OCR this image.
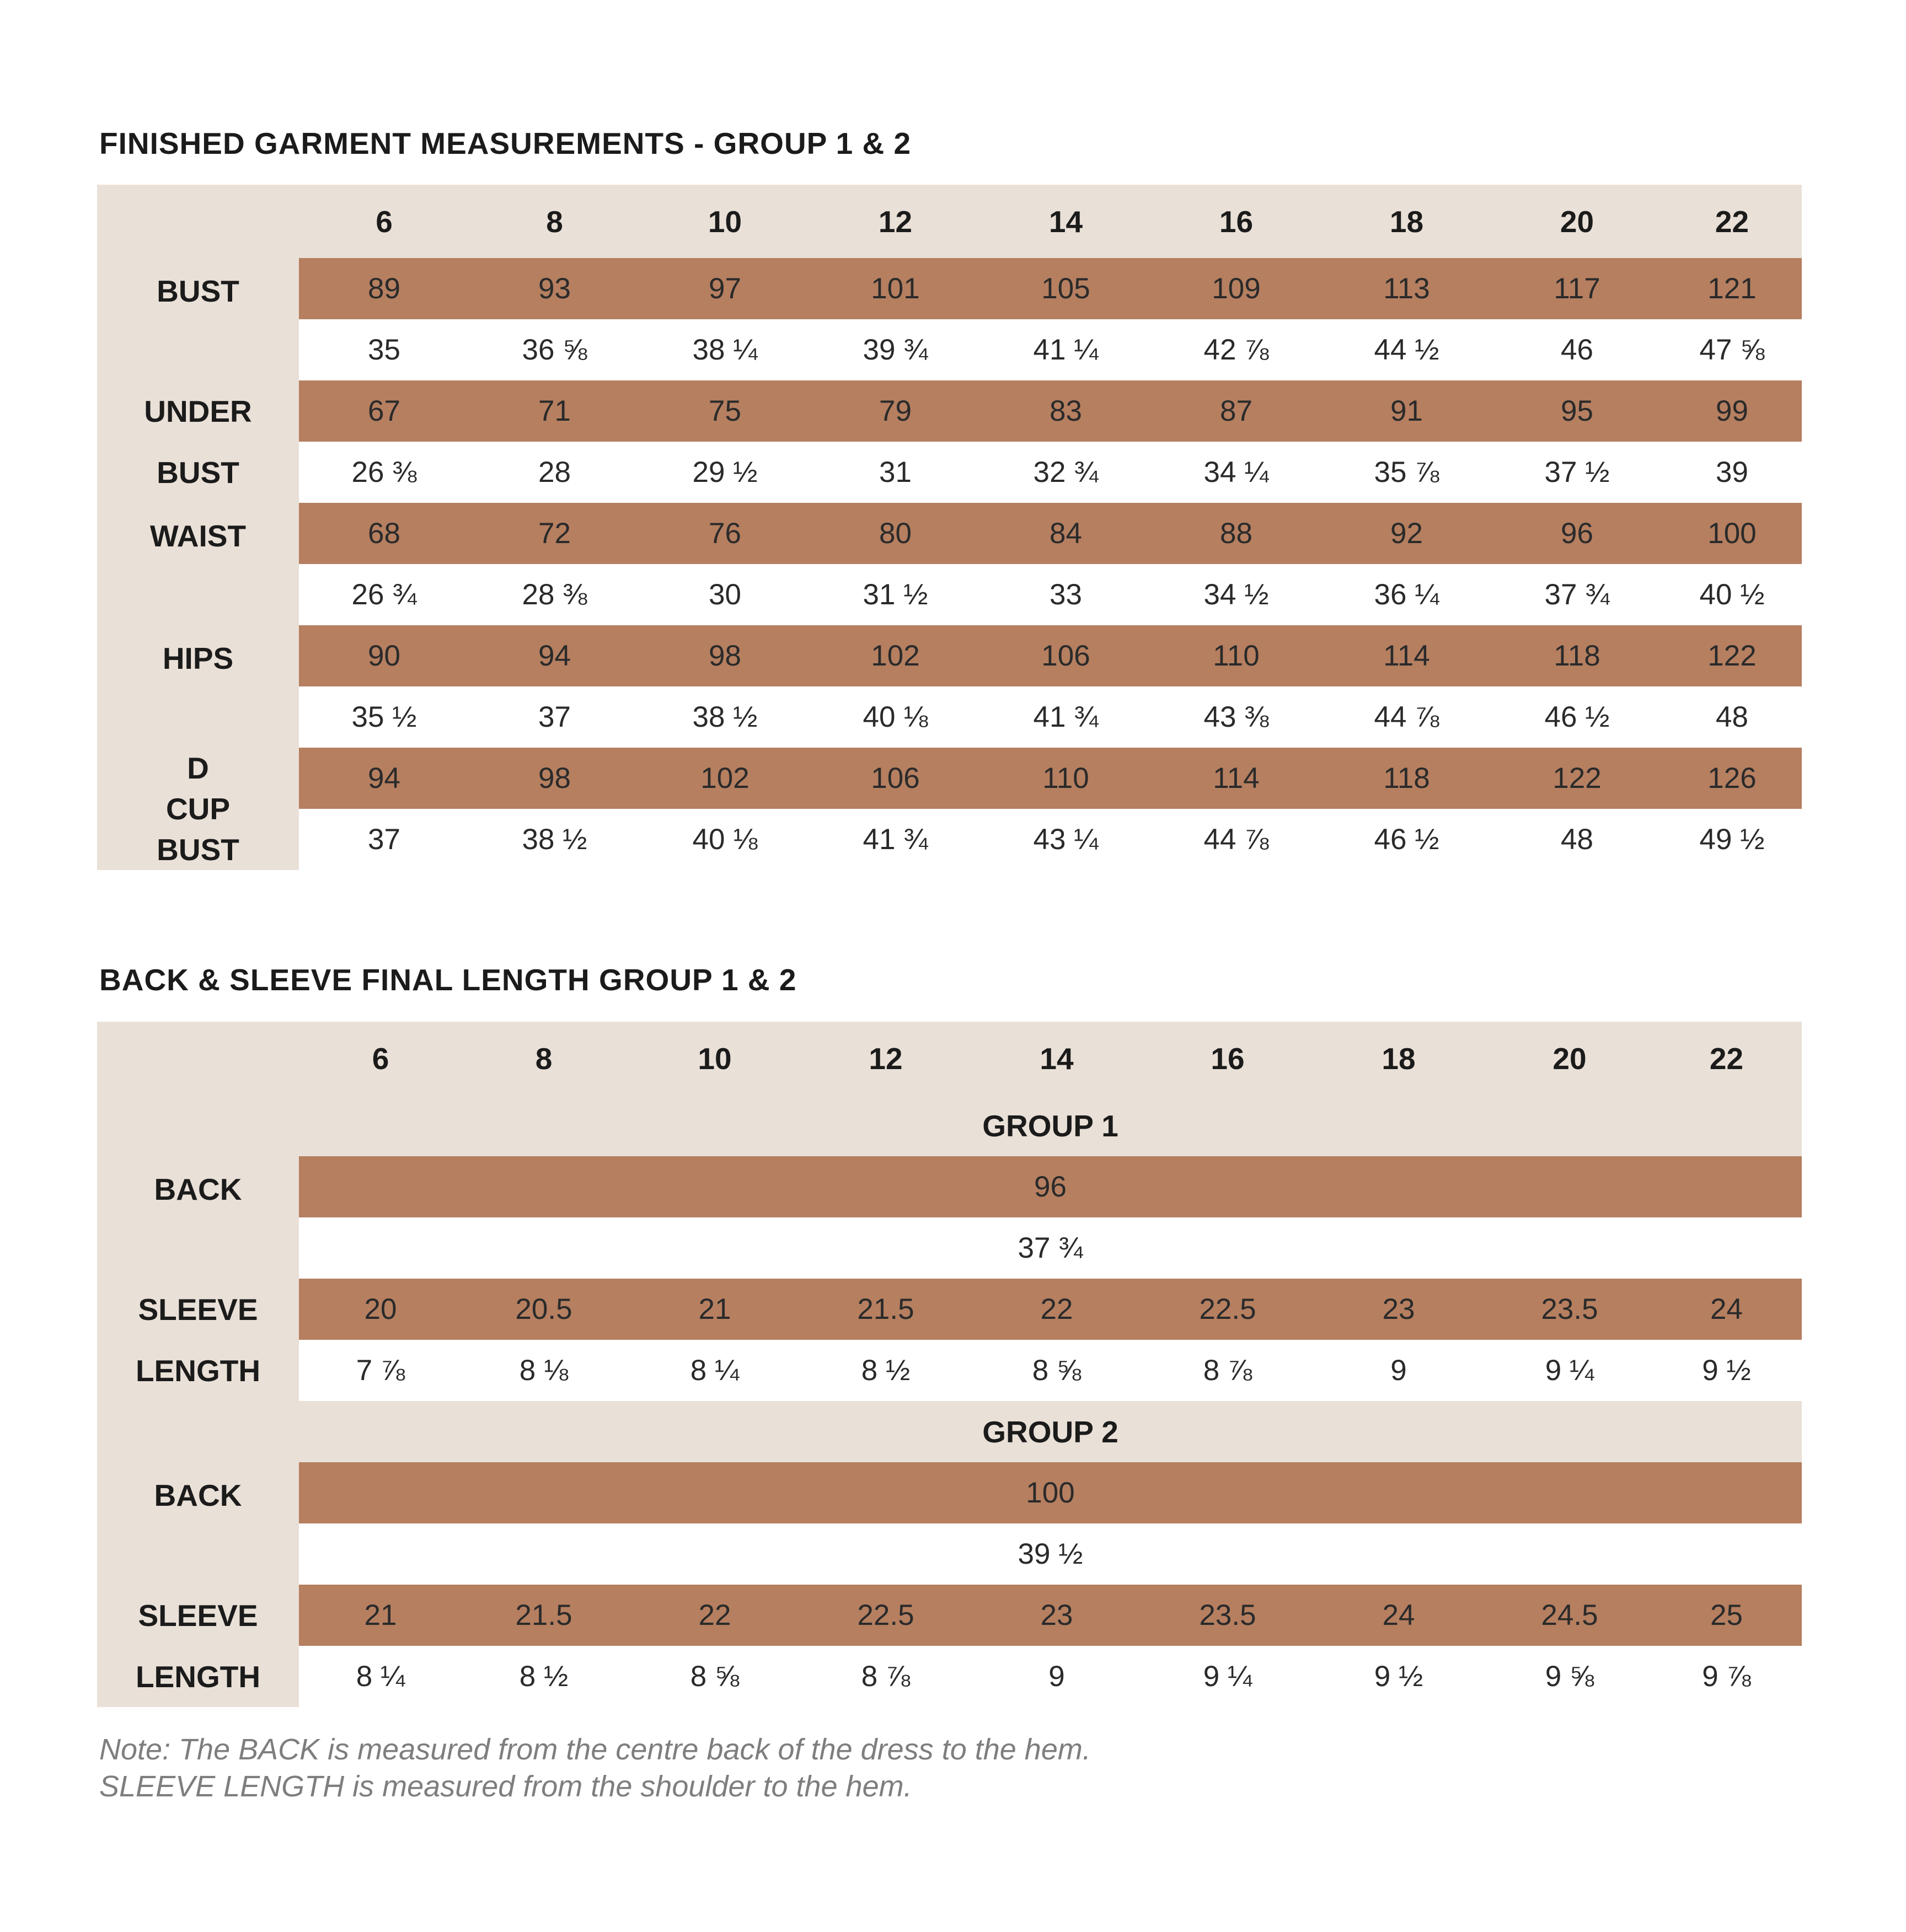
FINISHED GARMENT MEASUREMENTS - GROUP 1 & 2
	6	8	10	12	14	16	18	20	22
BUST	89	93	97	101	105	109	113	117	121
	35	36 ⅝	38 ¼	39 ¾	41 ¼	42 ⅞	44 ½	46	47 ⅝

UNDER
BUST	67	71	75	79	83	87	91	95	99
	26 ⅜	28	29 ½	31	32 ¾	34 ¼	35 ⅞	37 ½	39
WAIST	68	72	76	80	84	88	92	96	100
	26 ¾	28 ⅜	30	31 ½	33	34 ½	36 ¼	37 ¾	40 ½
HIPS	90	94	98	102	106	110	114	118	122
	35 ½	37	38 ½	40 ⅛	41 ¾	43 ⅜	44 ⅞	46 ½	48

D
CUP
BUST	94	98	102	106	110	114	118	122	126
	37	38 ½	40 ⅛	41 ¾	43 ¼	44 ⅞	46 ½	48	49 ½
BACK & SLEEVE FINAL LENGTH GROUP 1 & 2
	6	8	10	12	14	16	18	20	22
	GROUP 1								
BACK	96								
	37 ¾								
SLEEVE	20	20.5	21	21.5	22	22.5	23	23.5	24
LENGTH	7 ⅞	8 ⅛	8 ¼	8 ½	8 ⅝	8 ⅞	9	9 ¼	9 ½
	GROUP 2								
BACK	100								
	39 ½								
SLEEVE	21	21.5	22	22.5	23	23.5	24	24.5	25
LENGTH	8 ¼	8 ½	8 ⅝	8 ⅞	9	9 ¼	9 ½	9 ⅝	9 ⅞
Note: The BACK is measured from the centre back of the dress to the hem.
SLEEVE LENGTH is measured from the shoulder to the hem.
